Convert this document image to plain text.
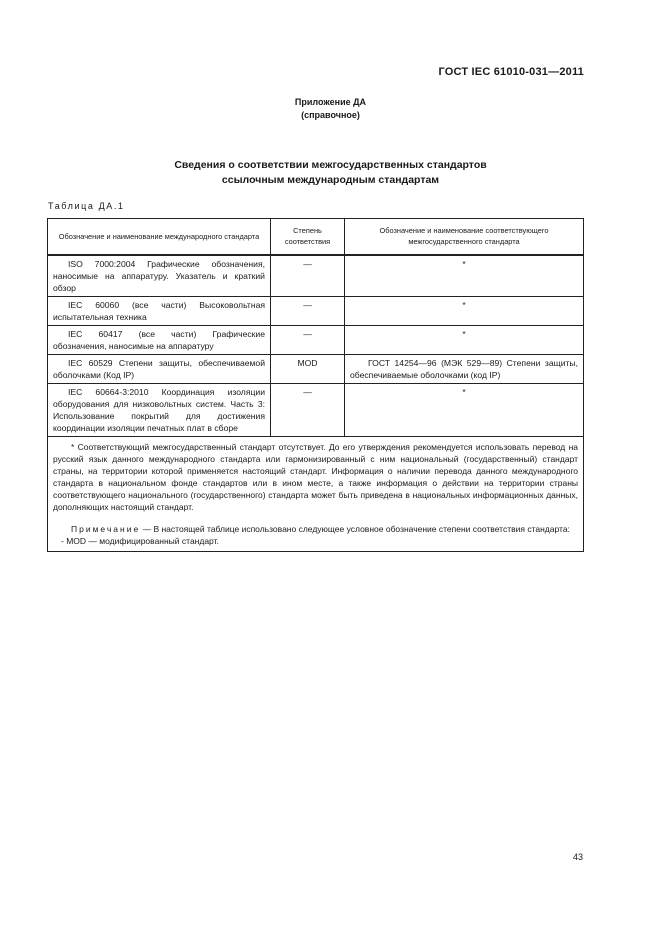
ГОСТ IEC 61010-031—2011
Приложение ДА
(справочное)
Сведения о соответствии межгосударственных стандартов
ссылочным международным стандартам
Таблица ДА.1
Обозначение и наименование международного стандарта	Степень соответствия	Обозначение и наименование соответствующего межгосударственного стандарта

ISO 7000:2004 Графические обозначения, наносимые на аппаратуру. Указатель и краткий обзор	—	*

IEC 60060 (все части) Высоковольтная испытательная техника	—	*

IEC 60417 (все части) Графические обозначения, наносимые на аппаратуру	—	*

IEC 60529 Степени защиты, обеспечиваемой оболочками (Код IP)	MOD	ГОСТ 14254—96 (МЭК 529—89) Степени защиты, обеспечиваемые оболочками (код IP)

IEC 60664-3:2010 Координация изоляции оборудования для низковольтных систем. Часть 3: Использование покрытий для достижения координации изоляции печатных плат в сборе	—	*

* Соответствующий межгосударственный стандарт отсутствует. До его утверждения рекомендуется использовать перевод на русский язык данного международного стандарта или гармонизированный с ним национальный (государственный) стандарт страны, на территории которой применяется настоящий стандарт. Информация о наличии перевода данного международного стандарта в национальном фонде стандартов или в ином месте, а также информация о действии на территории страны соответствующего национального (государственного) стандарта может быть приведена в национальных информационных данных, дополняющих настоящий стандарт.

Примечание — В настоящей таблице использовано следующее условное обозначение степени соответствия стандарта:

- MOD — модифицированный стандарт.		

43
